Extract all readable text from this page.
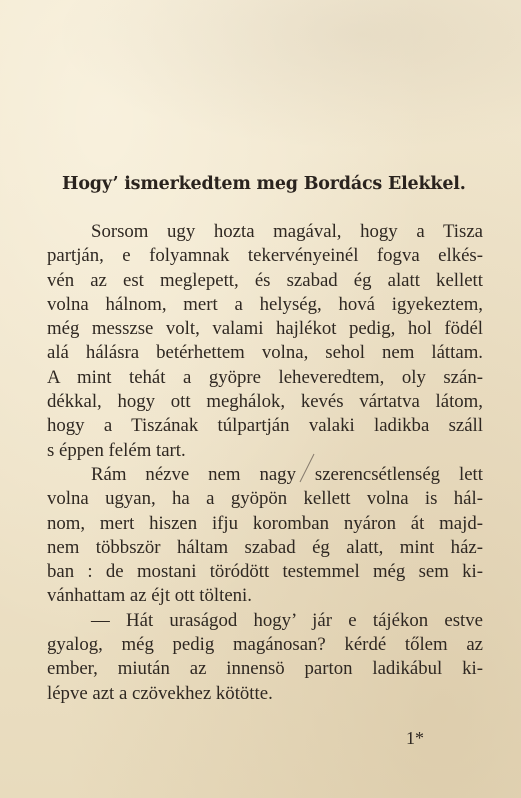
Hogy’ ismerkedtem meg Bordács Elekkel.
Sorsom ugy hozta magával, hogy a Tisza
partján, e folyamnak tekervényeinél fogva elkés-
vén az est meglepett, és szabad ég alatt kellett
volna hálnom, mert a helység, hová igyekeztem,
még messzse volt, valami hajlékot pedig, hol födél
alá hálásra betérhettem volna, sehol nem láttam.
A mint tehát a gyöpre leheveredtem, oly szán-
dékkal, hogy ott meghálok, kevés vártatva látom,
hogy a Tiszának túlpartján valaki ladikba száll
s éppen felém tart.
Rám nézve nem nagy szerencsétlenség lett
volna ugyan, ha a gyöpön kellett volna is hál-
nom, mert hiszen ifju koromban nyáron át majd-
nem többször háltam szabad ég alatt, mint ház-
ban : de mostani töródött testemmel még sem ki-
vánhattam az éjt ott tölteni.
— Hát uraságod hogy’ jár e tájékon estve
gyalog, még pedig magánosan? kérdé tőlem az
ember, miután az innensö parton ladikábul ki-
lépve azt a czövekhez kötötte.
1*
